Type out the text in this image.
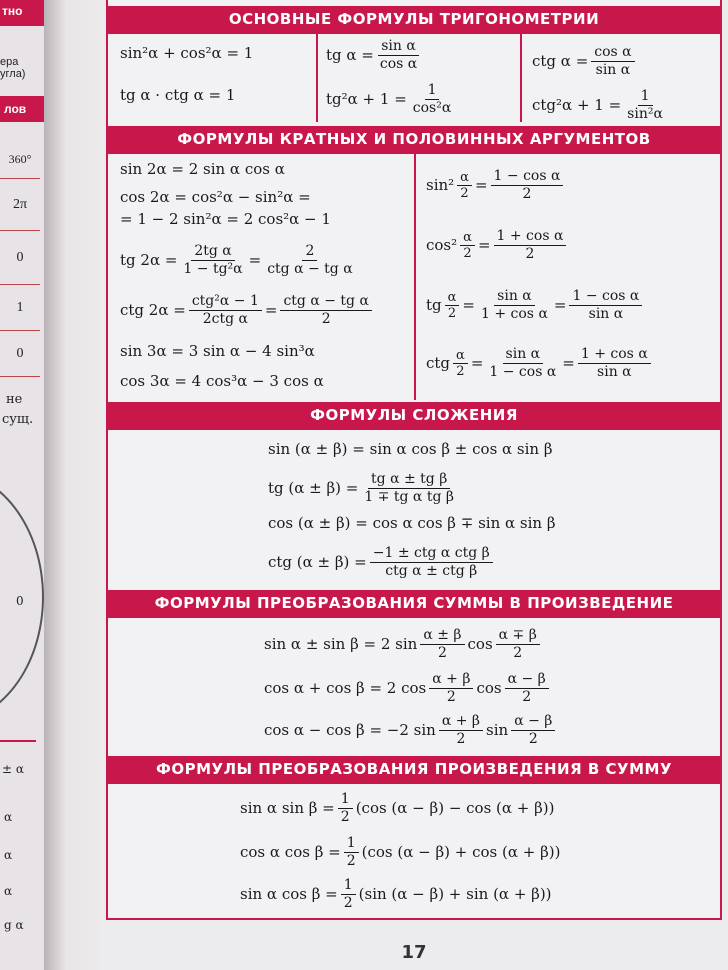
тно
ера угла)
лов
360°
2π
0
1
0
не
сущ.
0
± α
α
α
α
g α
ОСНОВНЫЕ ФОРМУЛЫ ТРИГОНОМЕТРИИ
sin²α + cos²α = 1
tg α · ctg α = 1
tg $\alpha = \frac{\text{sin α}}{\text{cos α}}$
$tg^2\alpha + 1 = \frac{1}{\text{cos²α}}$
ctg $\alpha = \frac{\text{cos α}}{\text{sin α}}$
$ctg^2\alpha + 1 = \frac{1}{\text{sin²α}}$
ФОРМУЛЫ КРАТНЫХ И ПОЛОВИННЫХ АРГУМЕНТОВ
sin 2α = 2 sin α cos α
cos 2α = cos²α − sin²α =
= 1 − 2 sin²α = 2 cos²α − 1
tg $2\alpha = \frac{\text{2tg α}}{\text{1 − tg²α}} = \frac{2}{\text{ctg α − tg α}}$
ctg $2\alpha = \frac{\text{ctg²α − 1}}{\text{2ctg α}} = \frac{\text{ctg α − tg α}}{2}$
sin 3α = 3 sin α − 4 sin³α
cos 3α = 4 cos³α − 3 cos α
$\sin^2 \frac{\alpha}{2} = \frac{\text{1 − cos α}}{2}$
$\cos^2 \frac{\alpha}{2} = \frac{\text{1 + cos α}}{2}$
tg $\frac{\alpha}{2} = \frac{\text{sin α}}{\text{1 + cos α}} = \frac{\text{1 − cos α}}{\text{sin α}}$
ctg $\frac{\alpha}{2} = \frac{\text{sin α}}{\text{1 − cos α}} = \frac{\text{1 + cos α}}{\text{sin α}}$
ФОРМУЛЫ СЛОЖЕНИЯ
sin (α ± β) = sin α cos β ± cos α sin β
tg $(\alpha \pm \beta) = \frac{\text{tg α ± tg β}}{\text{1 ∓ tg α tg β}}$
cos (α ± β) = cos α cos β ∓ sin α sin β
ctg $(\alpha \pm \beta) = \frac{\text{−1 ± ctg α ctg β}}{\text{ctg α ± ctg β}}$
ФОРМУЛЫ ПРЕОБРАЗОВАНИЯ СУММЫ В ПРОИЗВЕДЕНИЕ
sin α ± sin β = 2 $\sin \frac{\alpha \pm \beta}{2}$ $\cos \frac{\alpha \mp \beta}{2}$
cos α + cos β = 2 $\cos \frac{\alpha + \beta}{2}$ $\cos \frac{\alpha - \beta}{2}$
cos α − cos β = −2 $\sin \frac{\alpha + \beta}{2}$ $\sin \frac{\alpha - \beta}{2}$
ФОРМУЛЫ ПРЕОБРАЗОВАНИЯ ПРОИЗВЕДЕНИЯ В СУММУ
sin α $\sin \beta = \frac{1}{2} (\cos$ (α − β) − cos (α + β))
cos α $\cos \beta = \frac{1}{2} (\cos$ (α − β) + cos (α + β))
sin α $\cos \beta = \frac{1}{2} (\sin$ (α − β) + sin (α + β))
17
